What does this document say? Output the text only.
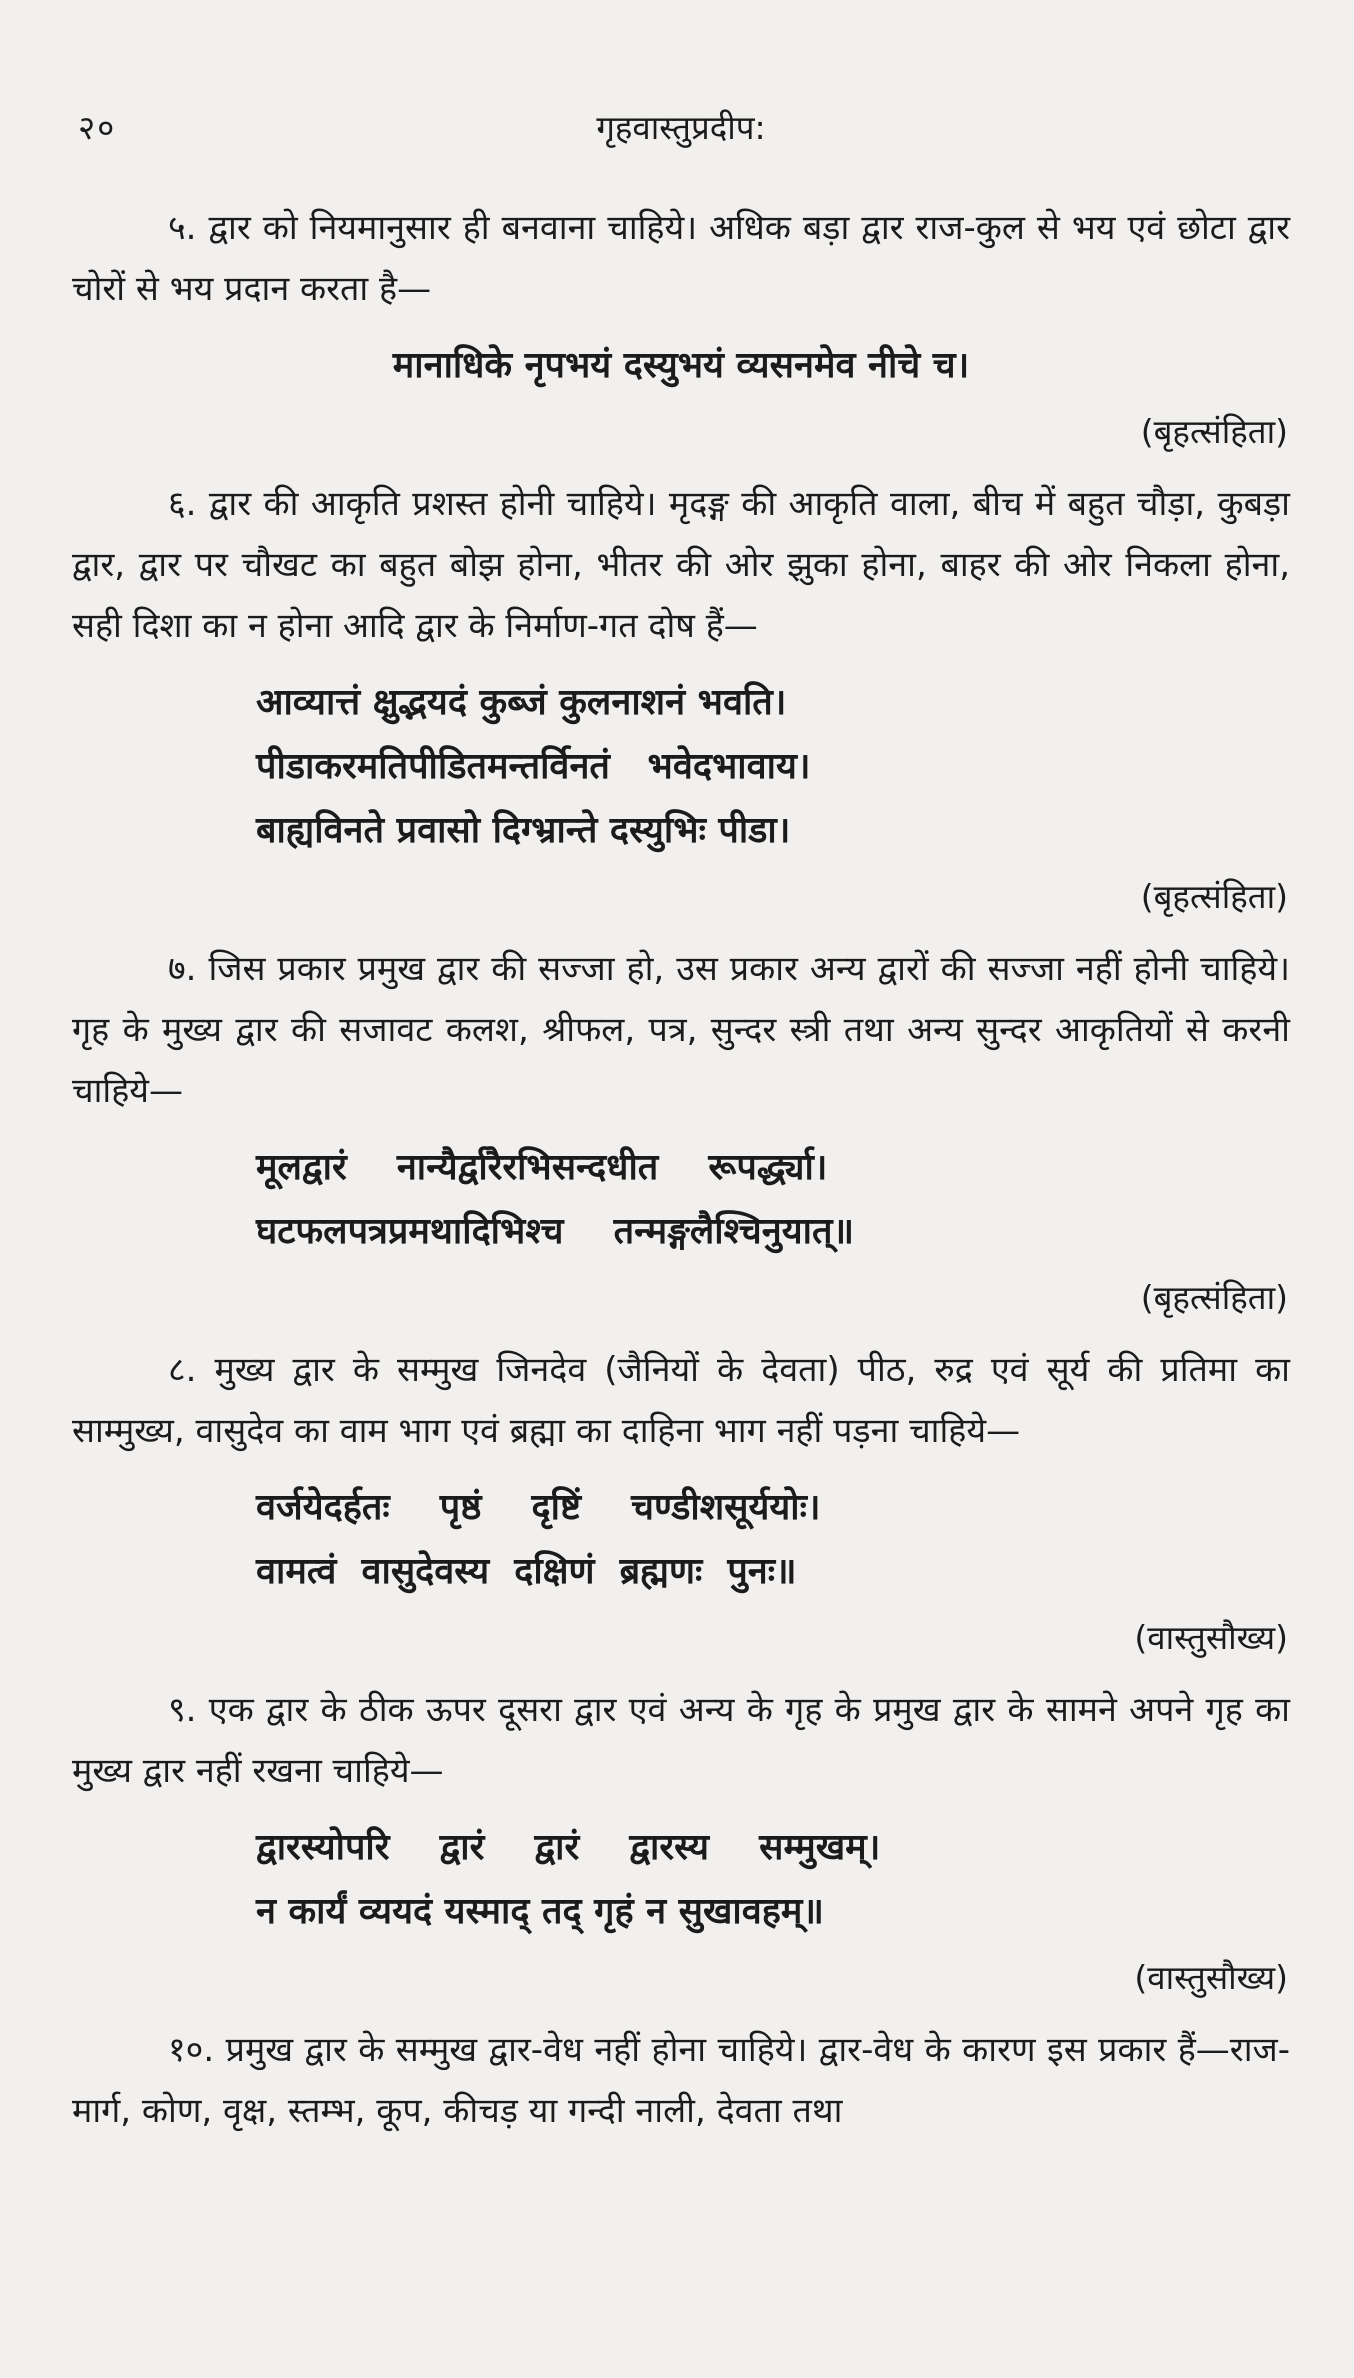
२०	गृहवास्तुप्रदीप:

५. द्वार को नियमानुसार ही बनवाना चाहिये। अधिक बड़ा द्वार राज-कुल से भय एवं छोटा द्वार चोरों से भय प्रदान करता है—

मानाधिके नृपभयं दस्युभयं व्यसनमेव नीचे च।
(बृहत्संहिता)

६. द्वार की आकृति प्रशस्त होनी चाहिये। मृदङ्ग की आकृति वाला, बीच में बहुत चौड़ा, कुबड़ा द्वार, द्वार पर चौखट का बहुत बोझ होना, भीतर की ओर झुका होना, बाहर की ओर निकला होना, सही दिशा का न होना आदि द्वार के निर्माण-गत दोष हैं—

आव्यात्तं क्षुद्भयदं कुब्जं कुलनाशनं भवति।
पीडाकरमतिपीडितमन्तर्विनतं   भवेदभावाय।
बाह्यविनते प्रवासो दिग्भ्रान्ते दस्युभिः पीडा।
(बृहत्संहिता)

७. जिस प्रकार प्रमुख द्वार की सज्जा हो, उस प्रकार अन्य द्वारों की सज्जा नहीं होनी चाहिये। गृह के मुख्य द्वार की सजावट कलश, श्रीफल, पत्र, सुन्दर स्त्री तथा अन्य सुन्दर आकृतियों से करनी चाहिये—

मूलद्वारं    नान्यैर्द्वारैरभिसन्दधीत    रूपर्द्ध्या।
घटफलपत्रप्रमथादिभिश्च    तन्मङ्गलैश्चिनुयात्॥
(बृहत्संहिता)

८. मुख्य द्वार के सम्मुख जिनदेव (जैनियों के देवता) पीठ, रुद्र एवं सूर्य की प्रतिमा का साम्मुख्य, वासुदेव का वाम भाग एवं ब्रह्मा का दाहिना भाग नहीं पड़ना चाहिये—

वर्जयेदर्हतः    पृष्ठं    दृष्टिं    चण्डीशसूर्ययोः।
वामत्वं  वासुदेवस्य  दक्षिणं  ब्रह्मणः  पुनः॥
(वास्तुसौख्य)

९. एक द्वार के ठीक ऊपर दूसरा द्वार एवं अन्य के गृह के प्रमुख द्वार के सामने अपने गृह का मुख्य द्वार नहीं रखना चाहिये—

द्वारस्योपरि    द्वारं    द्वारं    द्वारस्य    सम्मुखम्।
न कार्यं व्ययदं यस्माद् तद् गृहं न सुखावहम्॥
(वास्तुसौख्य)

१०. प्रमुख द्वार के सम्मुख द्वार-वेध नहीं होना चाहिये। द्वार-वेध के कारण इस प्रकार हैं—राज-मार्ग, कोण, वृक्ष, स्तम्भ, कूप, कीचड़ या गन्दी नाली, देवता तथा
